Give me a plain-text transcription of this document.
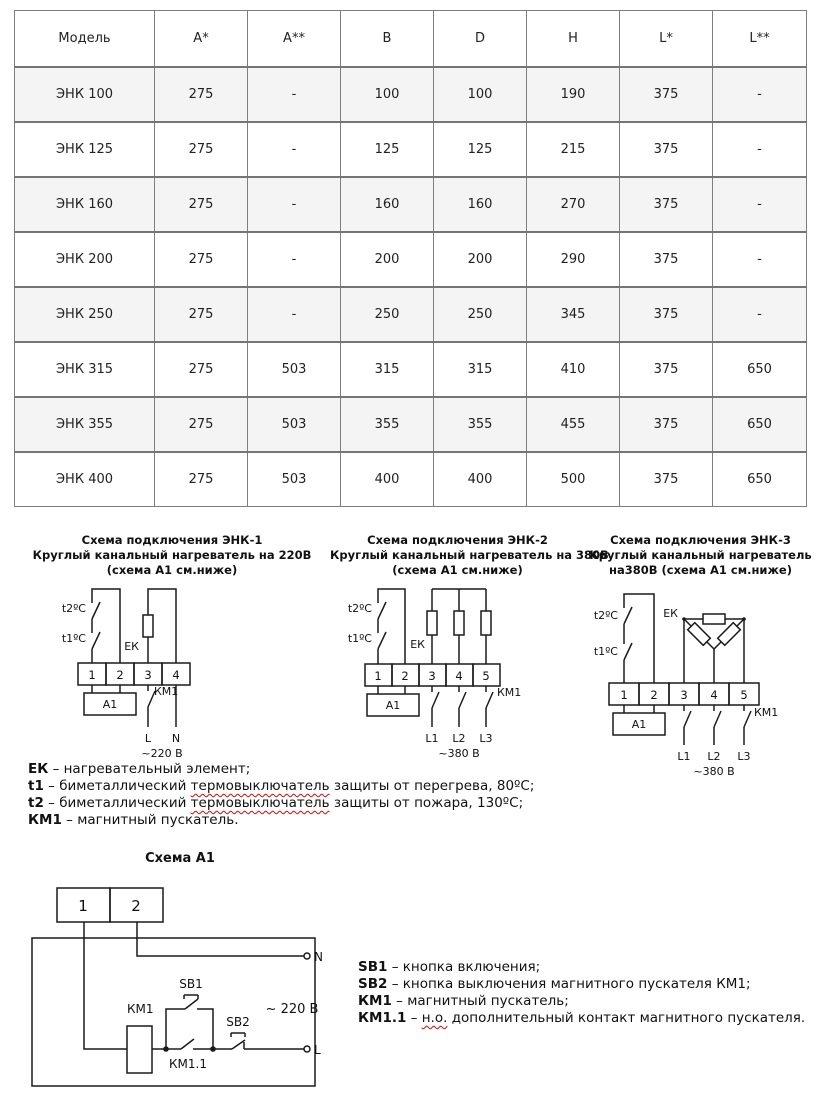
Модель	A*	A**	B	D	H	L*	L**
ЭНК 100	275	-	100	100	190	375	-
ЭНК 125	275	-	125	125	215	375	-
ЭНК 160	275	-	160	160	270	375	-
ЭНК 200	275	-	200	200	290	375	-
ЭНК 250	275	-	250	250	345	375	-
ЭНК 315	275	503	315	315	410	375	650
ЭНК 355	275	503	355	355	455	375	650
ЭНК 400	275	503	400	400	500	375	650
Схема подключения ЭНК-1
Круглый канальный нагреватель на 220В
(схема А1 см.ниже)
t2ºC
t1ºC
ЕК
КМ1
1 2 3 4
А1
L N
~220 В
Схема подключения ЭНК-2
Круглый канальный нагреватель на 380В
(схема А1 см.ниже)
t2ºC
t1ºC	ЕК
КМ1
1 2 3 4 5
А1
L1 L2 L3
~380 В
Схема подключения ЭНК-3
Круглый канальный нагреватель
на380В (схема А1 см.ниже)
t2ºC
t1ºC
ЕК
КМ1
1 2 3 4 5
А1
L1 L2 L3
~380 В
ЕК – нагревательный элемент;
t1 – биметаллический термовыключатель защиты от перегрева, 80ºС;
t2 – биметаллический термовыключатель защиты от пожара, 130ºС;
КМ1 – магнитный пускатель.
Схема А1
1	2
N
L
КМ1
КМ1.1
SB1
SB2
~ 220 В
SB1 – кнопка включения;
SB2 – кнопка выключения магнитного пускателя КМ1;
КМ1 – магнитный пускатель;
КМ1.1 – н.о. дополнительный контакт магнитного пускателя.
